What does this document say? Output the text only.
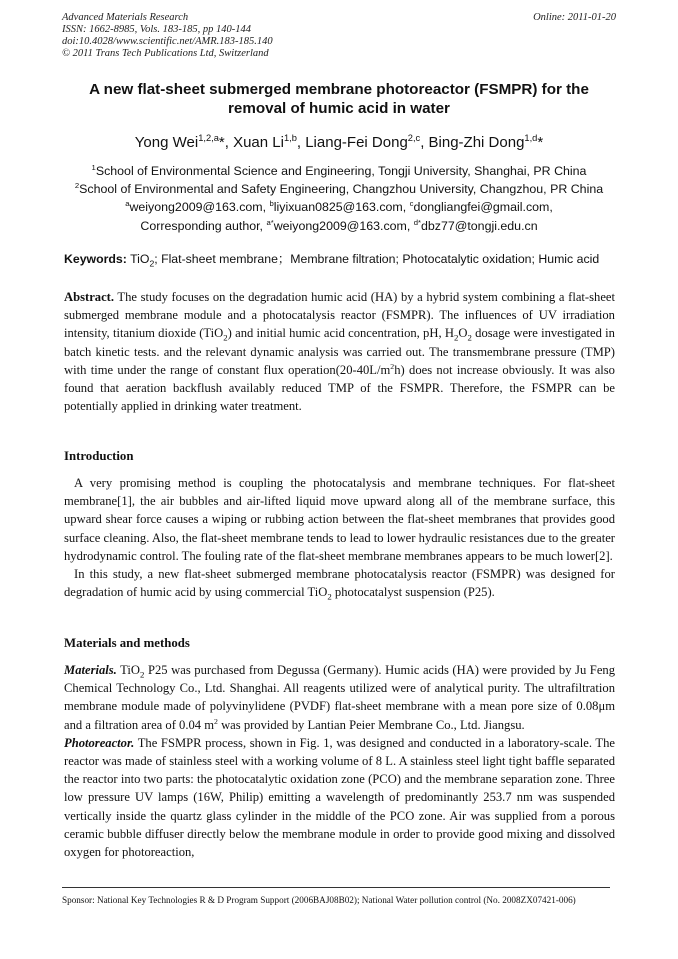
Advanced Materials Research
ISSN: 1662-8985, Vols. 183-185, pp 140-144
doi:10.4028/www.scientific.net/AMR.183-185.140
© 2011 Trans Tech Publications Ltd, Switzerland
Online: 2011-01-20
A new flat-sheet submerged membrane photoreactor (FSMPR) for the
removal of humic acid in water
Yong Wei$^{1,2,a}$*, Xuan Li$^{1,b}$, Liang-Fei Dong$^{2,c}$, Bing-Zhi Dong$^{1,d}$*
$^1$School of Environmental Science and Engineering, Tongji University, Shanghai, PR China
$^2$School of Environmental and Safety Engineering, Changzhou University, Changzhou, PR China
$^a$weiyong2009@163.com, $^b$liyixuan0825@163.com, $^c$dongliangfei@gmail.com,
Corresponding author, $^{a*}$weiyong2009@163.com, $^{d*}$dbz77@tongji.edu.cn
Keywords: TiO$_2$; Flat-sheet membrane；Membrane filtration; Photocatalytic oxidation; Humic acid

Abstract. The study focuses on the degradation humic acid (HA) by a hybrid system combining a flat-sheet submerged membrane module and a photocatalysis reactor (FSMPR). The influences of UV irradiation intensity, titanium dioxide (TiO$_2$) and initial humic acid concentration, pH, $H_2O_2$ dosage were investigated in batch kinetic tests. and the relevant dynamic analysis was carried out. The transmembrane pressure (TMP) with time under the range of constant flux $operation(20-40L/m^2h)$ does not increase obviously. It was also found that aeration backflush availably reduced TMP of the FSMPR. Therefore, the FSMPR can be potentially applied in drinking water treatment.

Introduction

A very promising method is coupling the photocatalysis and membrane techniques. For flat-sheet membrane[1], the air bubbles and air-lifted liquid move upward along all of the membrane surface, this upward shear force causes a wiping or rubbing action between the flat-sheet membranes that provides good surface cleaning. Also, the flat-sheet membrane tends to lead to lower hydraulic resistances due to the greater hydrodynamic control. The fouling rate of the flat-sheet membrane membranes appears to be much lower[2].

In this study, a new flat-sheet submerged membrane photocatalysis reactor (FSMPR) was designed for degradation of humic acid by using commercial TiO$_2$ photocatalyst suspension (P25).

Materials and methods

Materials. TiO$_2$ P25 was purchased from Degussa (Germany). Humic acids (HA) were provided by Ju Feng Chemical Technology Co., Ltd. Shanghai. All reagents utilized were of analytical purity. The ultrafiltration membrane module made of polyvinylidene (PVDF) flat-sheet membrane with a mean pore size of 0.08μm and a filtration area of 0.04 $m^2$ was provided by Lantian Peier Membrane Co., Ltd. Jiangsu.

Photoreactor. The FSMPR process, shown in Fig. 1, was designed and conducted in a laboratory-scale. The reactor was made of stainless steel with a working volume of 8 L. A stainless steel light tight baffle separated the reactor into two parts: the photocatalytic oxidation zone (PCO) and the membrane separation zone. Three low pressure UV lamps (16W, Philip) emitting a wavelength of predominantly 253.7 nm was suspended vertically inside the quartz glass cylinder in the middle of the PCO zone. Air was supplied from a porous ceramic bubble diffuser directly below the membrane module in order to provide good mixing and dissolved oxygen for photoreaction,

Sponsor: National Key Technologies R & D Program Support (2006BAJ08B02); National Water pollution control (No. 2008ZX07421-006)
